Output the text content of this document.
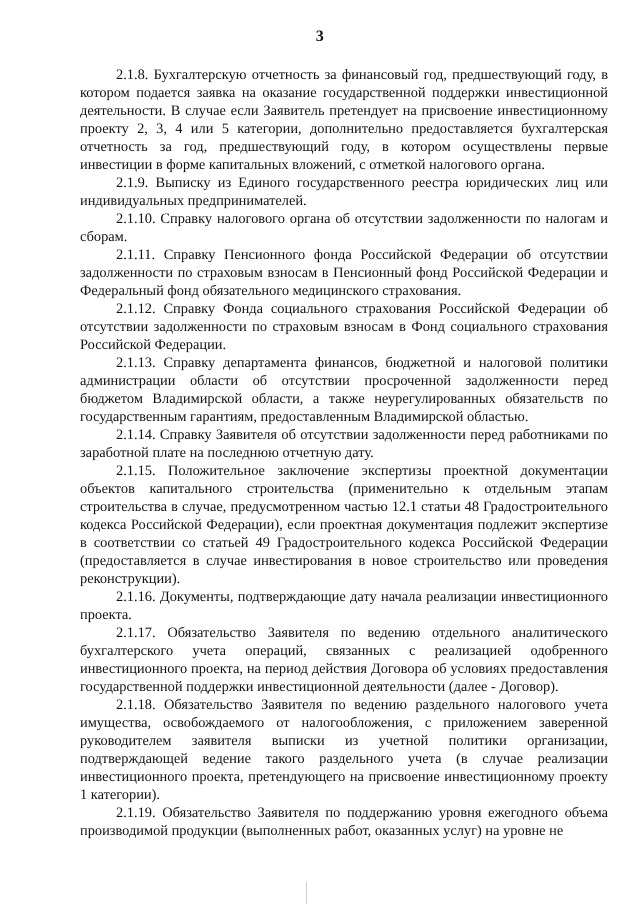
3

2.1.8. Бухгалтерскую отчетность за финансовый год, предшествующий году, в котором подается заявка на оказание государственной поддержки инвестиционной деятельности. В случае если Заявитель претендует на присвоение инвестиционному проекту 2, 3, 4 или 5 категории, дополнительно предоставляется бухгалтерская отчетность за год, предшествующий году, в котором осуществлены первые инвестиции в форме капитальных вложений, с отметкой налогового органа.

2.1.9. Выписку из Единого государственного реестра юридических лиц или индивидуальных предпринимателей.

2.1.10. Справку налогового органа об отсутствии задолженности по налогам и сборам.

2.1.11. Справку Пенсионного фонда Российской Федерации об отсутствии задолженности по страховым взносам в Пенсионный фонд Российской Федерации и Федеральный фонд обязательного медицинского страхования.

2.1.12. Справку Фонда социального страхования Российской Федерации об отсутствии задолженности по страховым взносам в Фонд социального страхования Российской Федерации.

2.1.13. Справку департамента финансов, бюджетной и налоговой политики администрации области об отсутствии просроченной задолженности перед бюджетом Владимирской области, а также неурегулированных обязательств по государственным гарантиям, предоставленным Владимирской областью.

2.1.14. Справку Заявителя об отсутствии задолженности перед работниками по заработной плате на последнюю отчетную дату.

2.1.15. Положительное заключение экспертизы проектной документации объектов капитального строительства (применительно к отдельным этапам строительства в случае, предусмотренном частью 12.1 статьи 48 Градостроительного кодекса Российской Федерации), если проектная документация подлежит экспертизе в соответствии со статьей 49 Градостроительного кодекса Российской Федерации (предоставляется в случае инвестирования в новое строительство или проведения реконструкции).

2.1.16. Документы, подтверждающие дату начала реализации инвестиционного проекта.

2.1.17. Обязательство Заявителя по ведению отдельного аналитического бухгалтерского учета операций, связанных с реализацией одобренного инвестиционного проекта, на период действия Договора об условиях предоставления государственной поддержки инвестиционной деятельности (далее - Договор).

2.1.18. Обязательство Заявителя по ведению раздельного налогового учета имущества, освобождаемого от налогообложения, с приложением заверенной руководителем заявителя выписки из учетной политики организации, подтверждающей ведение такого раздельного учета (в случае реализации инвестиционного проекта, претендующего на присвоение инвестиционному проекту 1 категории).

2.1.19. Обязательство Заявителя по поддержанию уровня ежегодного объема производимой продукции (выполненных работ, оказанных услуг) на уровне не
